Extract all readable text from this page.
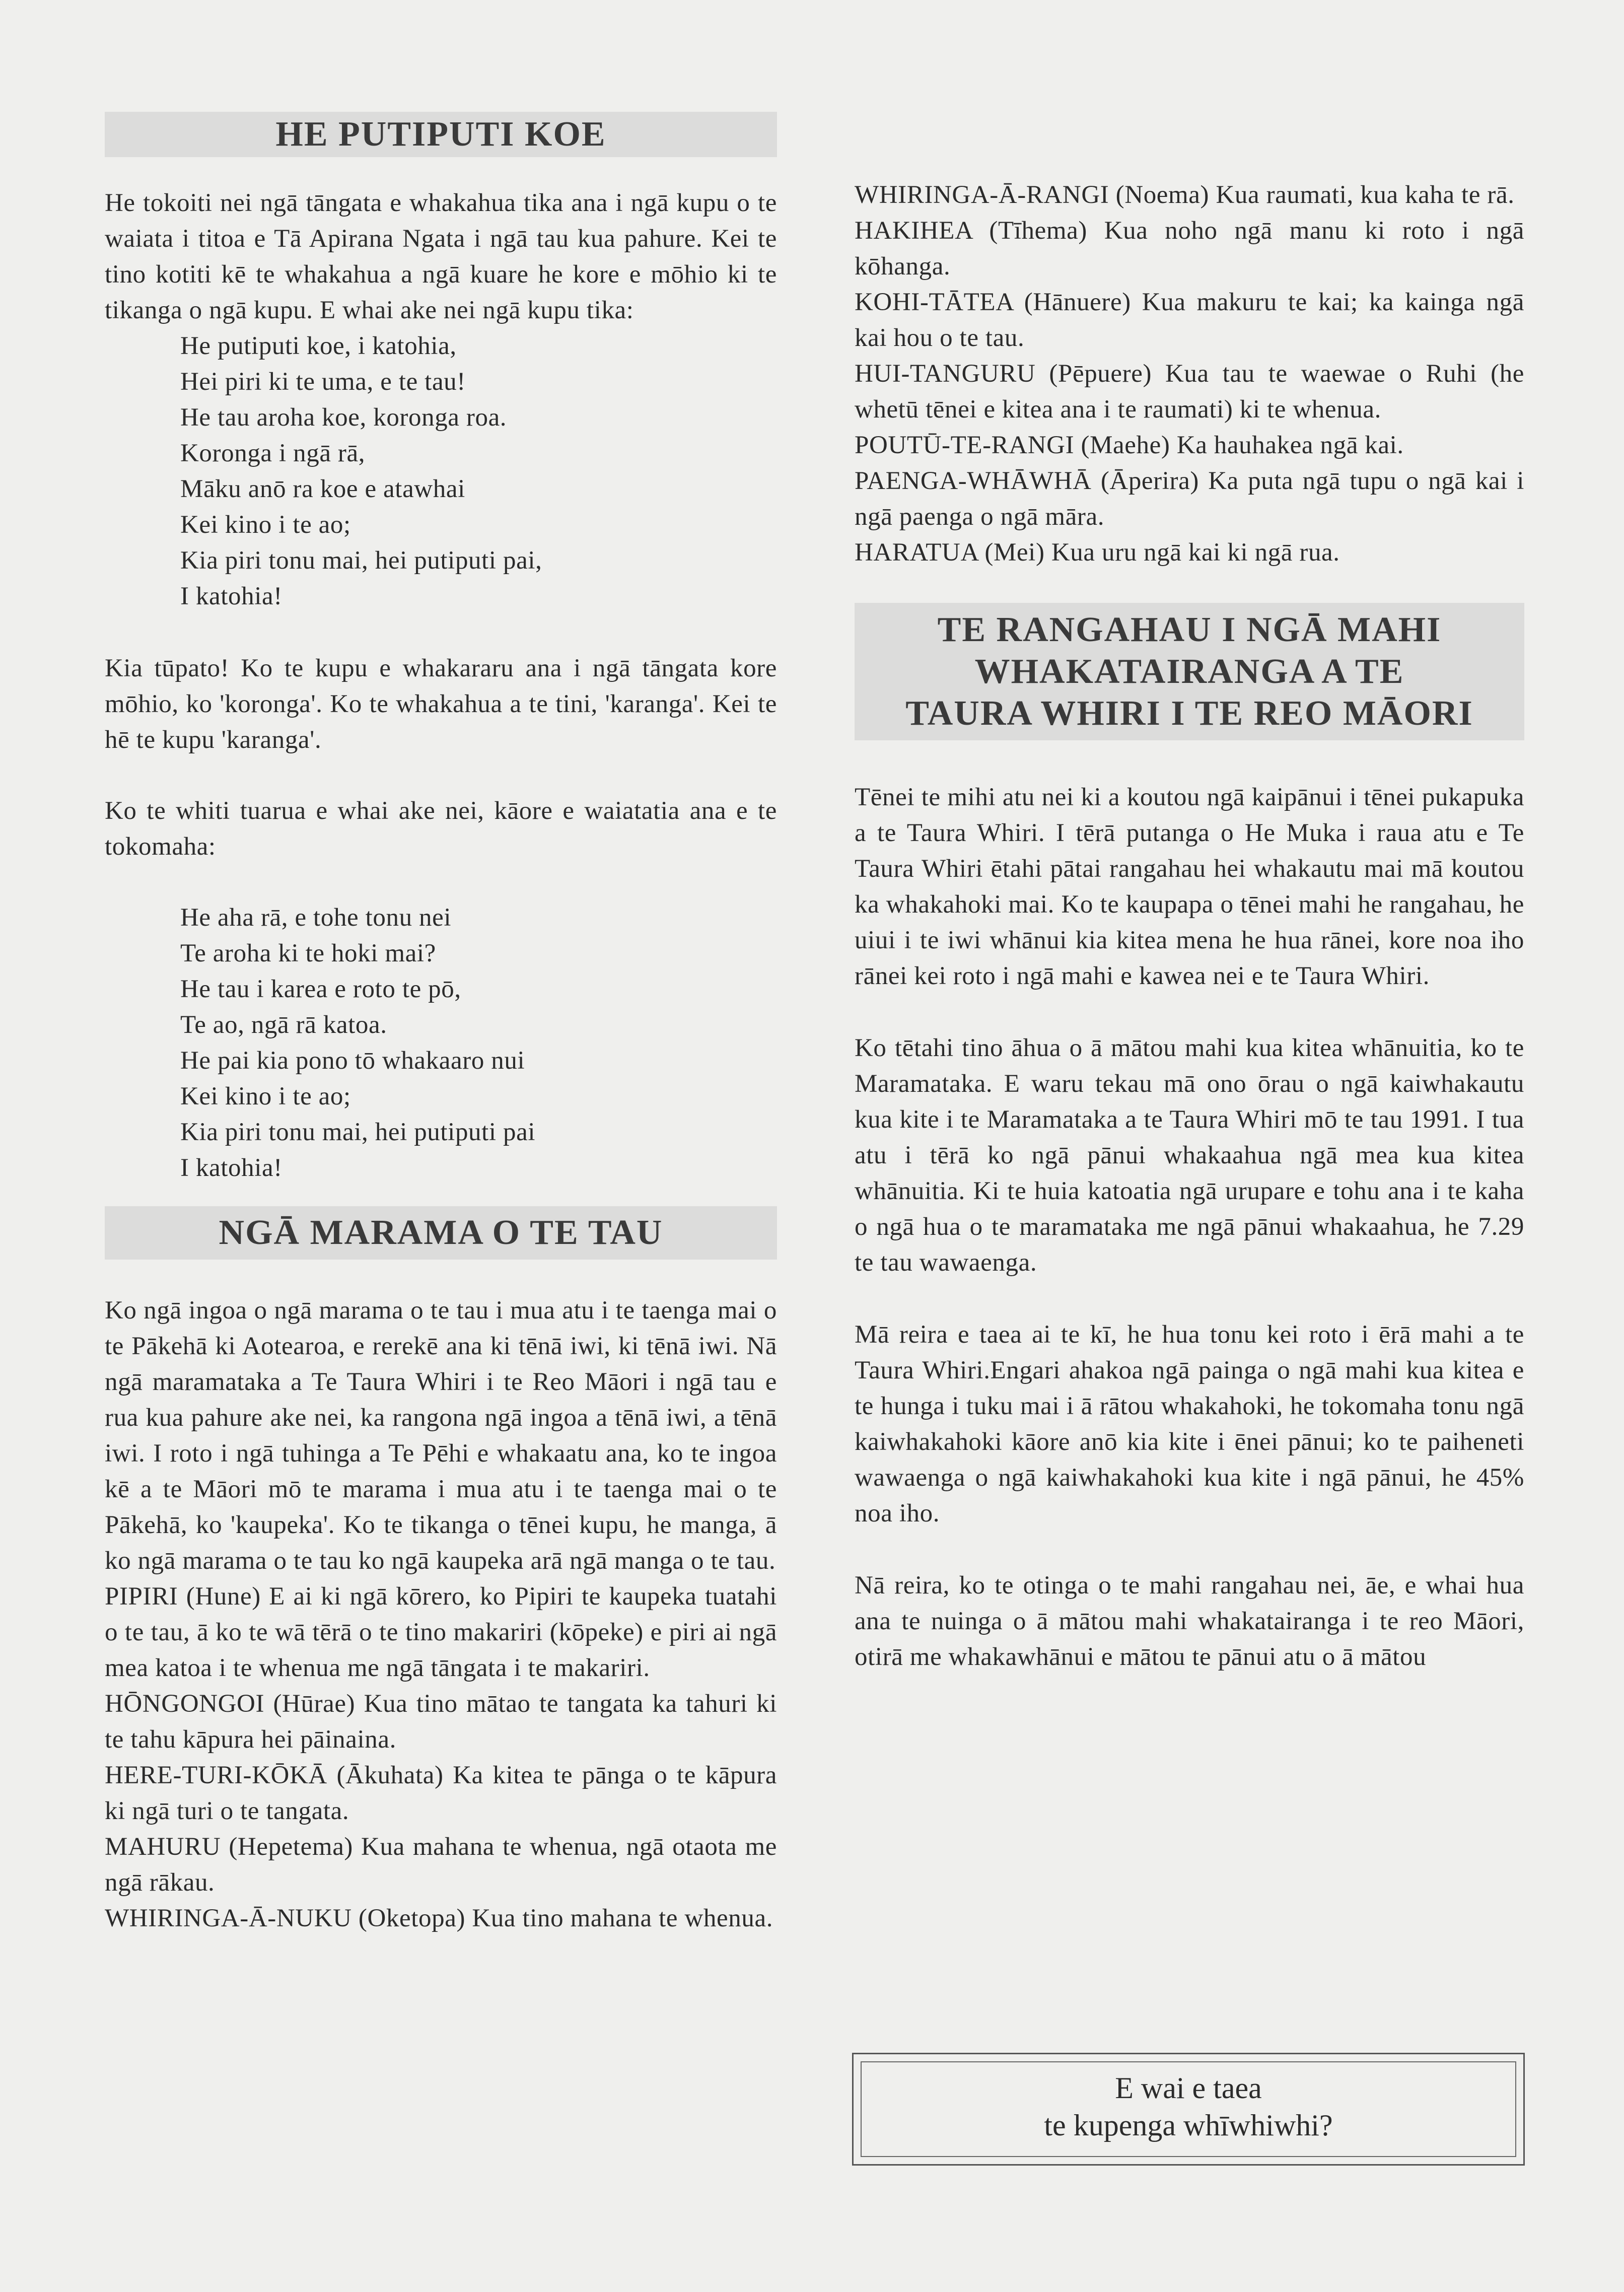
HE PUTIPUTI KOE

He tokoiti nei ngā tāngata e whakahua tika ana i ngā kupu o te waiata i titoa e Tā Apirana Ngata i ngā tau kua pahure. Kei te tino kotiti kē te whakahua a ngā kuare he kore e mōhio ki te tikanga o ngā kupu. E whai ake nei ngā kupu tika:

He putiputi koe, i katohia,
Hei piri ki te uma, e te tau!
He tau aroha koe, koronga roa.
Koronga i ngā rā,
Māku anō ra koe e atawhai
Kei kino i te ao;
Kia piri tonu mai, hei putiputi pai,
I katohia!

Kia tūpato! Ko te kupu e whakararu ana i ngā tāngata kore mōhio, ko 'koronga'. Ko te whakahua a te tini, 'karanga'. Kei te hē te kupu 'karanga'.

Ko te whiti tuarua e whai ake nei, kāore e waiatatia ana e te tokomaha:

He aha rā, e tohe tonu nei
Te aroha ki te hoki mai?
He tau i karea e roto te pō,
Te ao, ngā rā katoa.
He pai kia pono tō whakaaro nui
Kei kino i te ao;
Kia piri tonu mai, hei putiputi pai
I katohia!
NGĀ MARAMA O TE TAU

Ko ngā ingoa o ngā marama o te tau i mua atu i te taenga mai o te Pākehā ki Aotearoa, e rerekē ana ki tēnā iwi, ki tēnā iwi. Nā ngā maramataka a Te Taura Whiri i te Reo Māori i ngā tau e rua kua pahure ake nei, ka rangona ngā ingoa a tēnā iwi, a tēnā iwi. I roto i ngā tuhinga a Te Pēhi e whakaatu ana, ko te ingoa kē a te Māori mō te marama i mua atu i te taenga mai o te Pākehā, ko 'kaupeka'. Ko te tikanga o tēnei kupu, he manga, ā ko ngā marama o te tau ko ngā kaupeka arā ngā manga o te tau.

PIPIRI (Hune) E ai ki ngā kōrero, ko Pipiri te kaupeka tuatahi o te tau, ā ko te wā tērā o te tino makariri (kōpeke) e piri ai ngā mea katoa i te whenua me ngā tāngata i te makariri.

HŌNGONGOI (Hūrae) Kua tino mātao te tangata ka tahuri ki te tahu kāpura hei pāinaina.

HERE-TURI-KŌKĀ (Ākuhata) Ka kitea te pānga o te kāpura ki ngā turi o te tangata.

MAHURU (Hepetema) Kua mahana te whenua, ngā otaota me ngā rākau.

WHIRINGA-Ā-NUKU (Oketopa) Kua tino mahana te whenua.

WHIRINGA-Ā-RANGI (Noema) Kua raumati, kua kaha te rā.

HAKIHEA (Tīhema) Kua noho ngā manu ki roto i ngā kōhanga.

KOHI-TĀTEA (Hānuere) Kua makuru te kai; ka kainga ngā kai hou o te tau.

HUI-TANGURU (Pēpuere) Kua tau te waewae o Ruhi (he whetū tēnei e kitea ana i te raumati) ki te whenua.

POUTŪ-TE-RANGI (Maehe) Ka hauhakea ngā kai.

PAENGA-WHĀWHĀ (Āperira) Ka puta ngā tupu o ngā kai i ngā paenga o ngā māra.

HARATUA (Mei) Kua uru ngā kai ki ngā rua.

TE RANGAHAU I NGĀ MAHI
WHAKATAIRANGA A TE
TAURA WHIRI I TE REO MĀORI

Tēnei te mihi atu nei ki a koutou ngā kaipānui i tēnei pukapuka a te Taura Whiri. I tērā putanga o He Muka i raua atu e Te Taura Whiri ētahi pātai rangahau hei whakautu mai mā koutou ka whakahoki mai. Ko te kaupapa o tēnei mahi he rangahau, he uiui i te iwi whānui kia kitea mena he hua rānei, kore noa iho rānei kei roto i ngā mahi e kawea nei e te Taura Whiri.

Ko tētahi tino āhua o ā mātou mahi kua kitea whānuitia, ko te Maramataka. E waru tekau mā ono ōrau o ngā kaiwhakautu kua kite i te Maramataka a te Taura Whiri mō te tau 1991. I tua atu i tērā ko ngā pānui whakaahua ngā mea kua kitea whānuitia. Ki te huia katoatia ngā urupare e tohu ana i te kaha o ngā hua o te maramataka me ngā pānui whakaahua, he 7.29 te tau wawaenga.

Mā reira e taea ai te kī, he hua tonu kei roto i ērā mahi a te Taura Whiri.Engari ahakoa ngā painga o ngā mahi kua kitea e te hunga i tuku mai i ā rātou whakahoki, he tokomaha tonu ngā kaiwhakahoki kāore anō kia kite i ēnei pānui; ko te paiheneti wawaenga o ngā kaiwhakahoki kua kite i ngā pānui, he 45% noa iho.

Nā reira, ko te otinga o te mahi rangahau nei, āe, e whai hua ana te nuinga o ā mātou mahi whakatairanga i te reo Māori, otirā me whakawhānui e mātou te pānui atu o ā mātou

E wai e taea
te kupenga whīwhiwhi?
